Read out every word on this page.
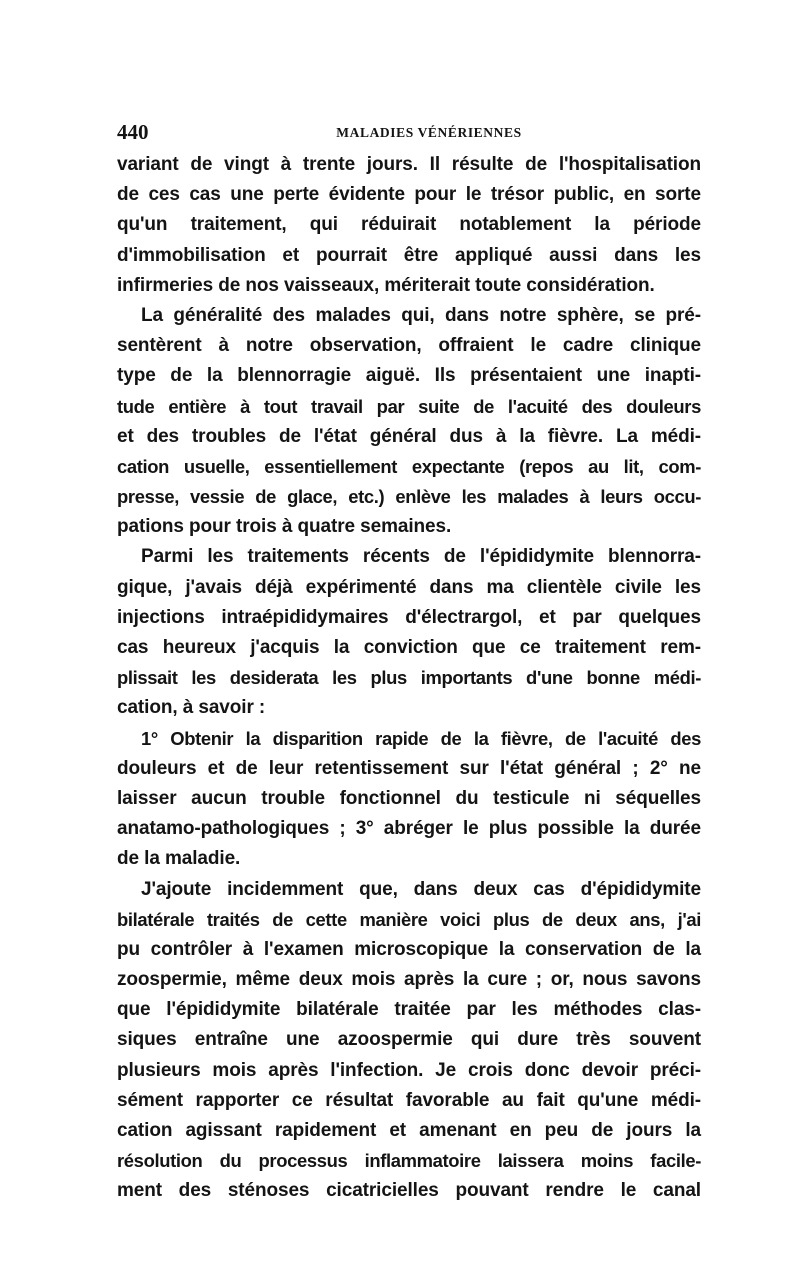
440	MALADIES VÉNÉRIENNES
variant de vingt à trente jours. Il résulte de l'hospitalisation
de ces cas une perte évidente pour le trésor public, en sorte
qu'un traitement, qui réduirait notablement la période
d'immobilisation et pourrait être appliqué aussi dans les
infirmeries de nos vaisseaux, mériterait toute considération.
La généralité des malades qui, dans notre sphère, se pré-
sentèrent à notre observation, offraient le cadre clinique
type de la blennorragie aiguë. Ils présentaient une inapti-
tude entière à tout travail par suite de l'acuité des douleurs
et des troubles de l'état général dus à la fièvre. La médi-
cation usuelle, essentiellement expectante (repos au lit, com-
presse, vessie de glace, etc.) enlève les malades à leurs occu-
pations pour trois à quatre semaines.
Parmi les traitements récents de l'épididymite blennorra-
gique, j'avais déjà expérimenté dans ma clientèle civile les
injections intraépididymaires d'électrargol, et par quelques
cas heureux j'acquis la conviction que ce traitement rem-
plissait les desiderata les plus importants d'une bonne médi-
cation, à savoir :
1° Obtenir la disparition rapide de la fièvre, de l'acuité des
douleurs et de leur retentissement sur l'état général ; 2° ne
laisser aucun trouble fonctionnel du testicule ni séquelles
anatamo-pathologiques ; 3° abréger le plus possible la durée
de la maladie.
J'ajoute incidemment que, dans deux cas d'épididymite
bilatérale traités de cette manière voici plus de deux ans, j'ai
pu contrôler à l'examen microscopique la conservation de la
zoospermie, même deux mois après la cure ; or, nous savons
que l'épididymite bilatérale traitée par les méthodes clas-
siques entraîne une azoospermie qui dure très souvent
plusieurs mois après l'infection. Je crois donc devoir préci-
sément rapporter ce résultat favorable au fait qu'une médi-
cation agissant rapidement et amenant en peu de jours la
résolution du processus inflammatoire laissera moins facile-
ment des sténoses cicatricielles pouvant rendre le canal
